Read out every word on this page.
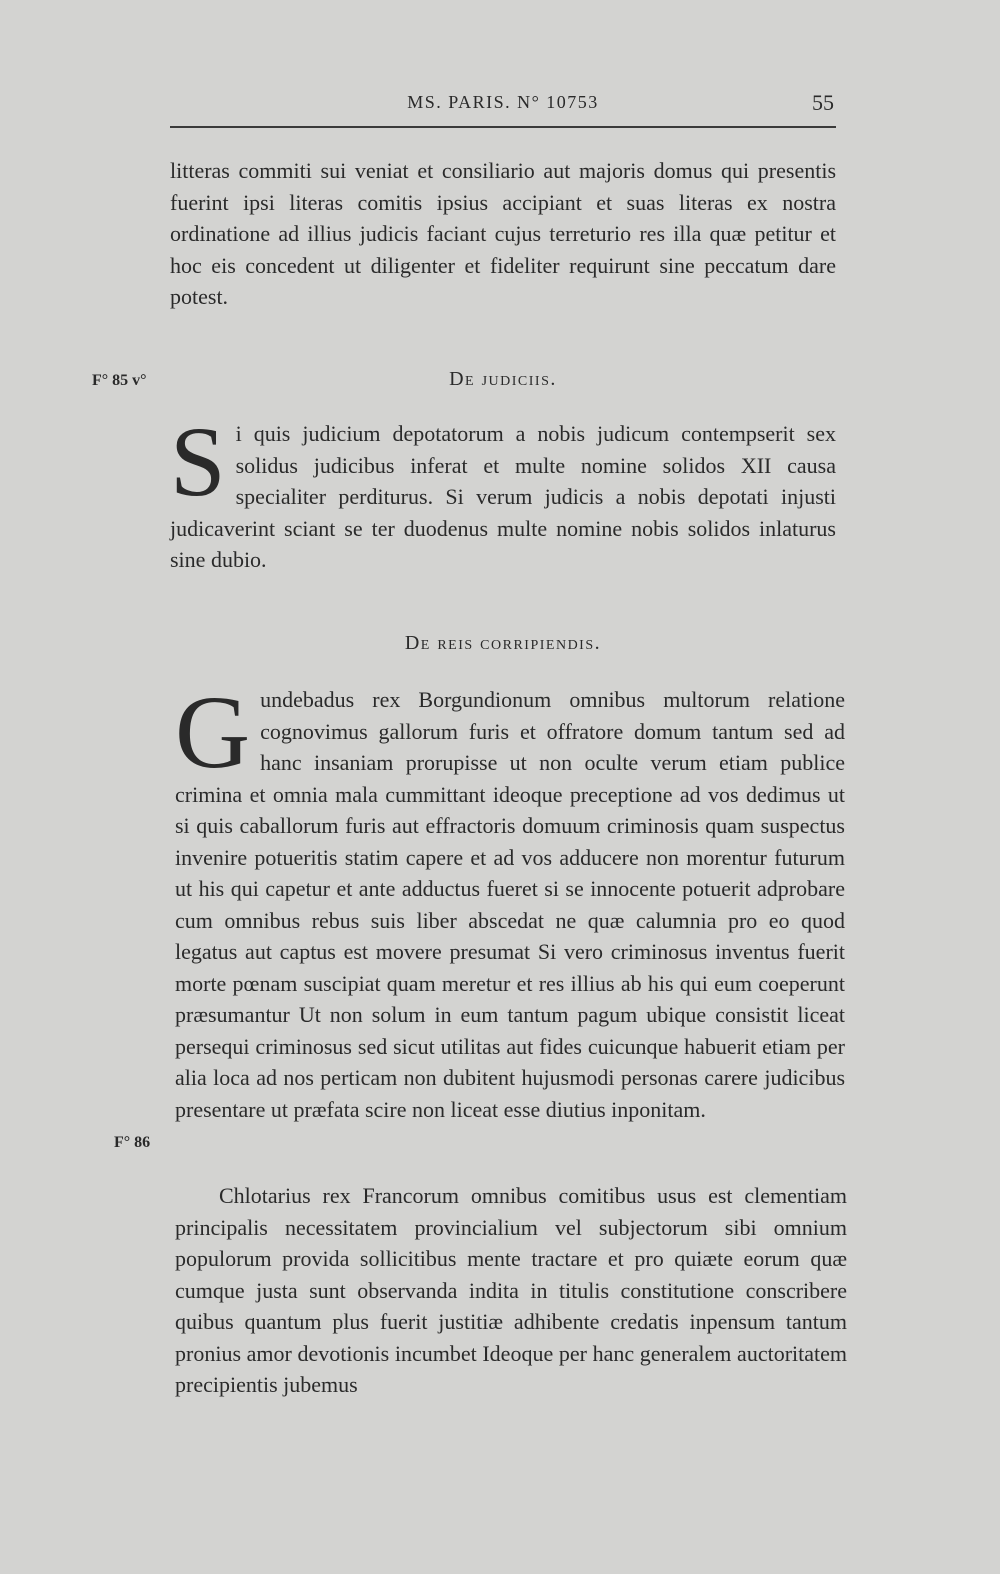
MS. PARIS. N° 10753	55
litteras commiti sui veniat et consiliario aut majoris domus qui presentis fuerint ipsi literas comitis ipsius accipiant et suas literas ex nostra ordinatione ad illius judicis faciant cujus terreturio res illa quæ petitur et hoc eis concedent ut diligenter et fideliter requirunt sine peccatum dare potest.
F° 85 v°	De judiciis.
S i quis judicium depotatorum a nobis judicum contempserit sex solidus judicibus inferat et multe nomine solidos XII causa specialiter perditurus. Si verum judicis a nobis depotati injusti judicaverint sciant se ter duodenus multe nomine nobis solidos inlaturus sine dubio.
De reis corripiendis.
G undebadus rex Borgundionum omnibus multorum relatione cognovimus gallorum furis et offratore domum tantum sed ad hanc insaniam prorupisse ut non oculte verum etiam publice crimina et omnia mala cummittant ideoque preceptione ad vos dedimus ut si quis caballorum furis aut effractoris domuum criminosis quam suspectus invenire potueritis statim capere et ad vos adducere non morentur futurum ut his qui capetur et ante adductus fueret si se innocente potuerit adprobare cum omnibus rebus suis liber abscedat ne quæ calumnia pro eo quod legatus aut captus est movere presumat Si vero criminosus inventus fuerit morte pœnam suscipiat quam meretur et res illius ab his qui eum coeperunt præsumantur Ut non solum in eum tantum pagum ubique consistit liceat persequi criminosus sed sicut utilitas aut fides cuicunque habuerit etiam per alia loca ad nos perticam non dubitent hujusmodi personas carere judicibus presentare ut præfata scire non liceat esse diutius inponitam.
F° 86
Chlotarius rex Francorum omnibus comitibus usus est clementiam principalis necessitatem provincialium vel subjectorum sibi omnium populorum provida sollicitibus mente tractare et pro quiæte eorum quæ cumque justa sunt observanda indita in titulis constitutione conscribere quibus quantum plus fuerit justitiæ adhibente credatis inpensum tantum pronius amor devotionis incumbet Ideoque per hanc generalem auctoritatem precipientis jubemus
